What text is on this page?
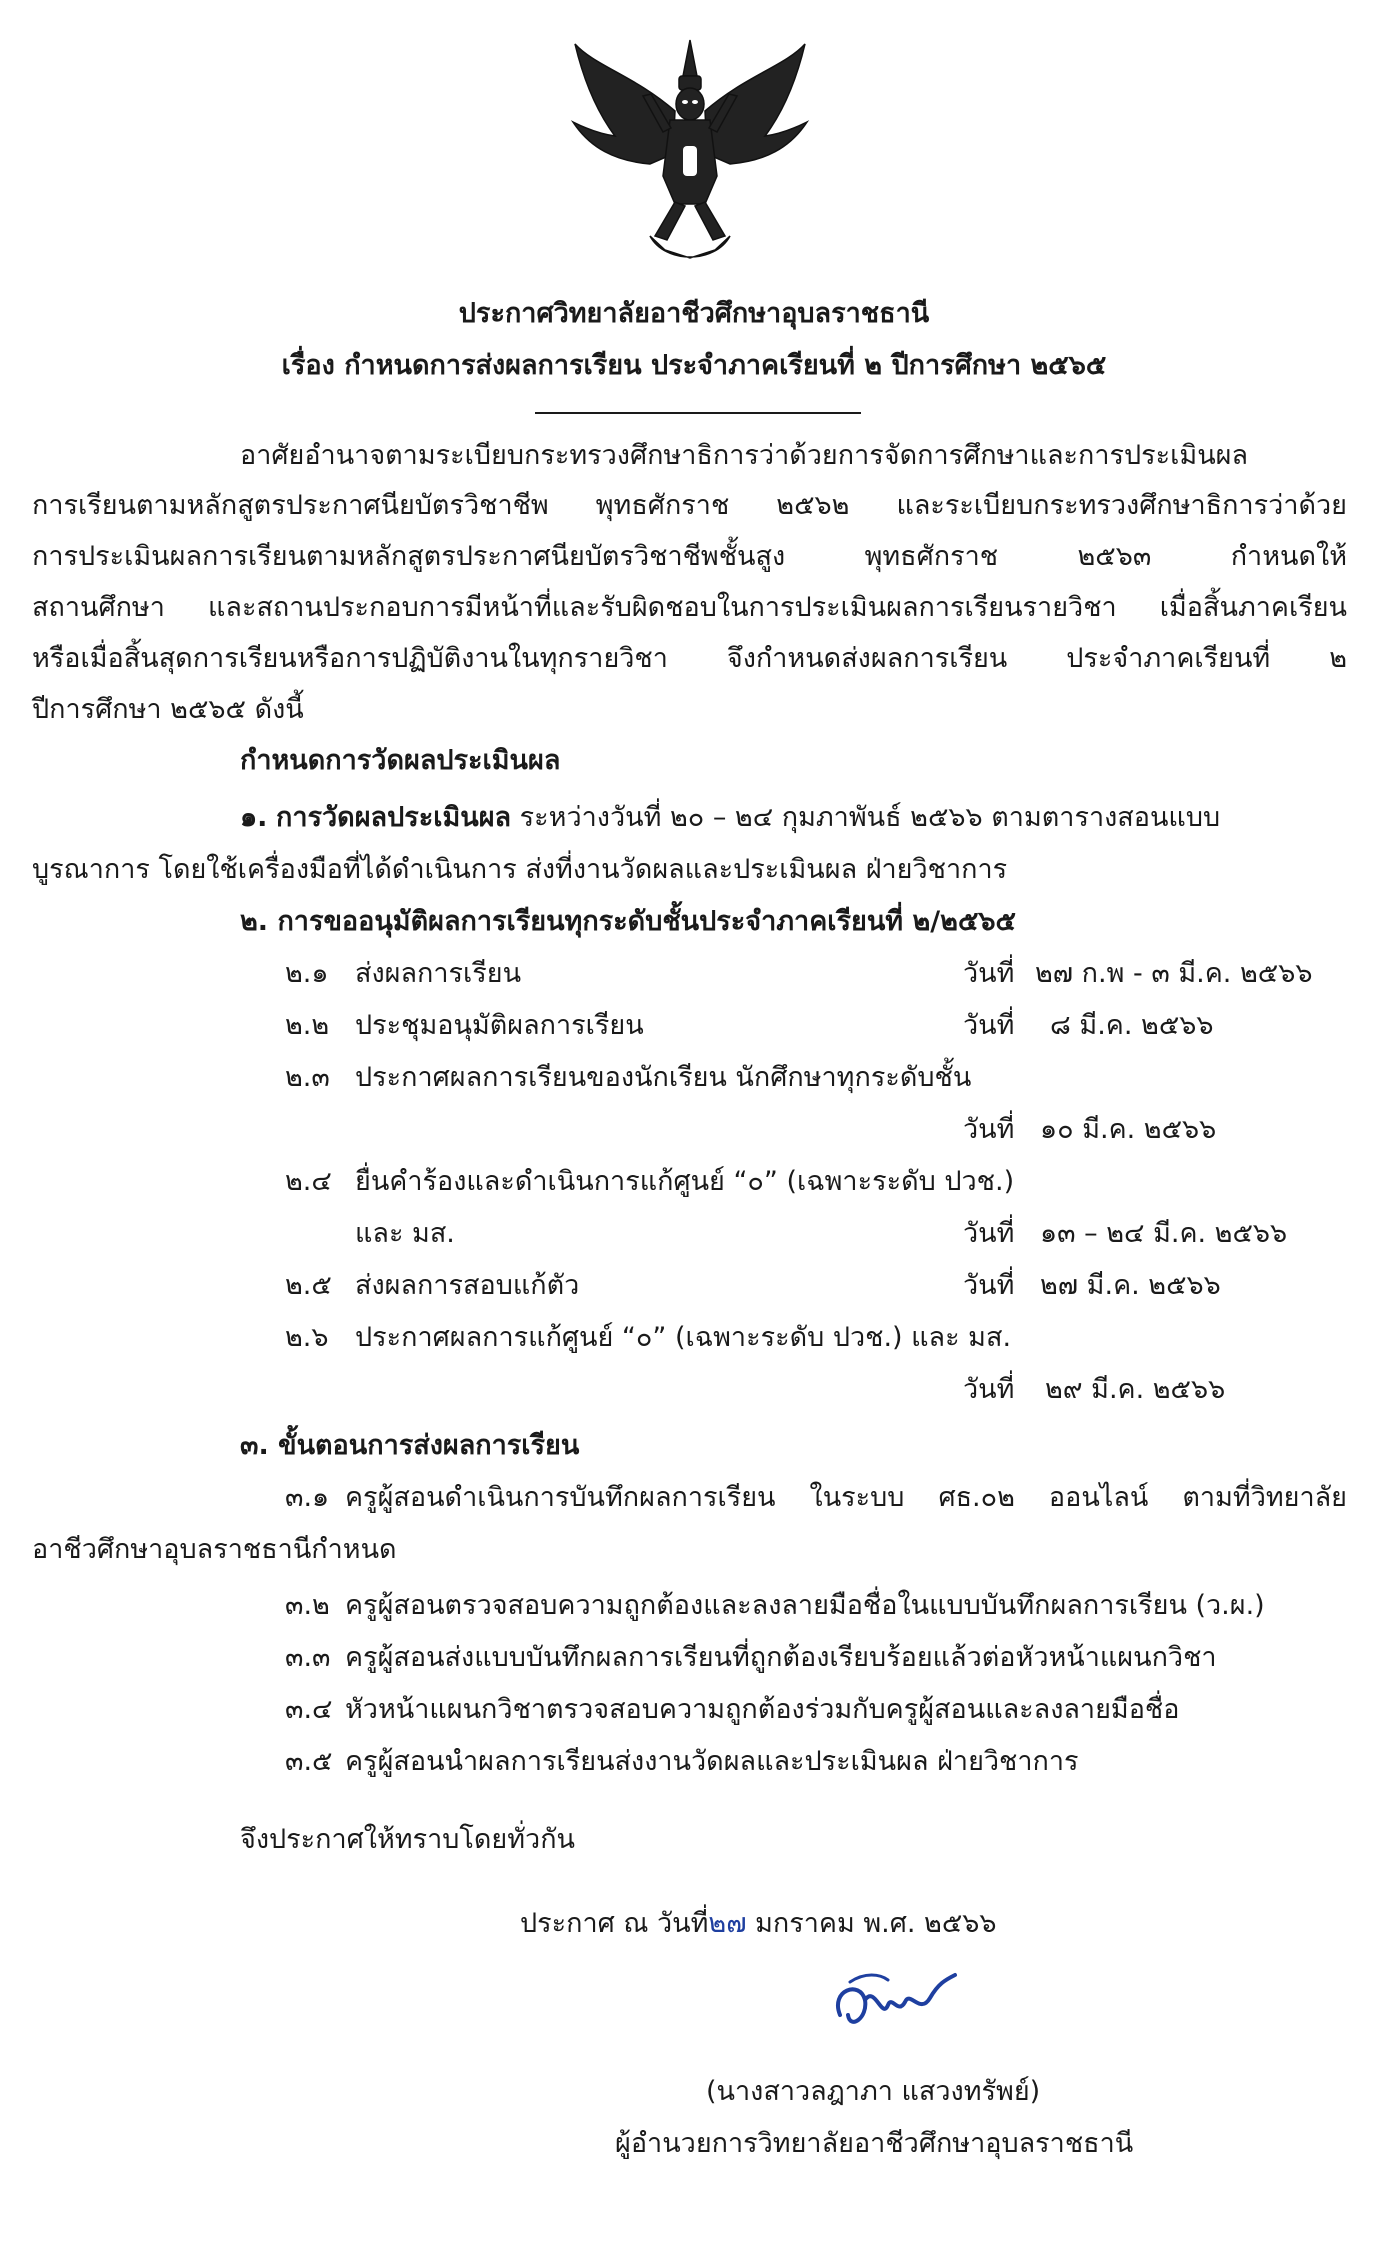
ประกาศวิทยาลัยอาชีวศึกษาอุบลราชธานี
เรื่อง กำหนดการส่งผลการเรียน ประจำภาคเรียนที่ ๒ ปีการศึกษา ๒๕๖๕
อาศัยอำนาจตามระเบียบกระทรวงศึกษาธิการว่าด้วยการจัดการศึกษาและการประเมินผล
การเรียนตามหลักสูตรประกาศนียบัตรวิชาชีพ พุทธศักราช ๒๕๖๒ และระเบียบกระทรวงศึกษาธิการว่าด้วย
การประเมินผลการเรียนตามหลักสูตรประกาศนียบัตรวิชาชีพชั้นสูง พุทธศักราช ๒๕๖๓ กำหนดให้
สถานศึกษา และสถานประกอบการมีหน้าที่และรับผิดชอบในการประเมินผลการเรียนรายวิชา เมื่อสิ้นภาคเรียน
หรือเมื่อสิ้นสุดการเรียนหรือการปฏิบัติงานในทุกรายวิชา จึงกำหนดส่งผลการเรียน ประจำภาคเรียนที่ ๒
ปีการศึกษา ๒๕๖๕ ดังนี้
กำหนดการวัดผลประเมินผล
๑. การวัดผลประเมินผล ระหว่างวันที่ ๒๐ – ๒๔ กุมภาพันธ์ ๒๕๖๖ ตามตารางสอนแบบ
บูรณาการ โดยใช้เครื่องมือที่ได้ดำเนินการ ส่งที่งานวัดผลและประเมินผล ฝ่ายวิชาการ
๒. การขออนุมัติผลการเรียนทุกระดับชั้นประจำภาคเรียนที่ ๒/๒๕๖๕
๒.๑ ส่งผลการเรียน	วันที่ ๒๗ ก.พ - ๓ มี.ค. ๒๕๖๖
๒.๒ ประชุมอนุมัติผลการเรียน	วันที่ ๘ มี.ค. ๒๕๖๖
๒.๓ ประกาศผลการเรียนของนักเรียน นักศึกษาทุกระดับชั้น
วันที่ ๑๐ มี.ค. ๒๕๖๖
๒.๔ ยื่นคำร้องและดำเนินการแก้ศูนย์ “๐” (เฉพาะระดับ ปวช.)
และ มส.	วันที่ ๑๓ – ๒๔ มี.ค. ๒๕๖๖
๒.๕ ส่งผลการสอบแก้ตัว	วันที่ ๒๗ มี.ค. ๒๕๖๖
๒.๖ ประกาศผลการแก้ศูนย์ “๐” (เฉพาะระดับ ปวช.) และ มส.
วันที่ ๒๙ มี.ค. ๒๕๖๖
๓. ขั้นตอนการส่งผลการเรียน
๓.๑ ครูผู้สอนดำเนินการบันทึกผลการเรียน ในระบบ ศธ.๐๒ ออนไลน์ ตามที่วิทยาลัย
อาชีวศึกษาอุบลราชธานีกำหนด
๓.๒ ครูผู้สอนตรวจสอบความถูกต้องและลงลายมือชื่อในแบบบันทึกผลการเรียน (ว.ผ.)
๓.๓ ครูผู้สอนส่งแบบบันทึกผลการเรียนที่ถูกต้องเรียบร้อยแล้วต่อหัวหน้าแผนกวิชา
๓.๔ หัวหน้าแผนกวิชาตรวจสอบความถูกต้องร่วมกับครูผู้สอนและลงลายมือชื่อ
๓.๕ ครูผู้สอนนำผลการเรียนส่งงานวัดผลและประเมินผล ฝ่ายวิชาการ
จึงประกาศให้ทราบโดยทั่วกัน
ประกาศ ณ วันที่๒๗ มกราคม พ.ศ. ๒๕๖๖
(นางสาวลฎาภา แสวงทรัพย์)
ผู้อำนวยการวิทยาลัยอาชีวศึกษาอุบลราชธานี
